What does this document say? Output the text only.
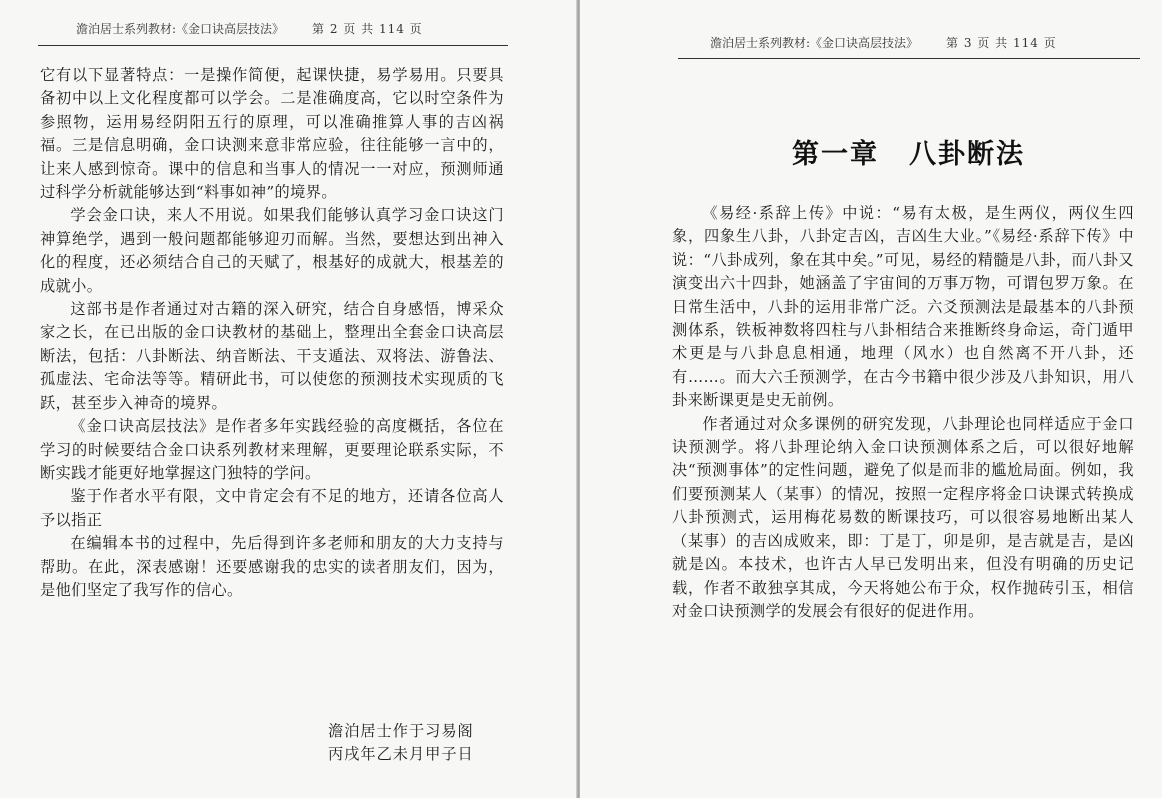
澹泊居士系列教材:《金口诀高层技法》 第 2 页 共 114 页

它有以下显著特点：一是操作简便，起课快捷，易学易用。只要具备初中以上文化程度都可以学会。二是准确度高，它以时空条件为参照物，运用易经阴阳五行的原理，可以准确推算人事的吉凶祸福。三是信息明确，金口诀测来意非常应验，往往能够一言中的，让来人感到惊奇。课中的信息和当事人的情况一一对应，预测师通过科学分析就能够达到“料事如神”的境界。

学会金口诀，来人不用说。如果我们能够认真学习金口诀这门神算绝学，遇到一般问题都能够迎刃而解。当然，要想达到出神入化的程度，还必须结合自己的天赋了，根基好的成就大，根基差的成就小。

这部书是作者通过对古籍的深入研究，结合自身感悟，博采众家之长，在已出版的金口诀教材的基础上，整理出全套金口诀高层断法，包括：八卦断法、纳音断法、干支遁法、双将法、游鲁法、孤虚法、宅命法等等。精研此书，可以使您的预测技术实现质的飞跃，甚至步入神奇的境界。

《金口诀高层技法》是作者多年实践经验的高度概括，各位在学习的时候要结合金口诀系列教材来理解，更要理论联系实际，不断实践才能更好地掌握这门独特的学问。

鉴于作者水平有限，文中肯定会有不足的地方，还请各位高人予以指正

在编辑本书的过程中，先后得到许多老师和朋友的大力支持与帮助。在此，深表感谢！还要感谢我的忠实的读者朋友们，因为，是他们坚定了我写作的信心。

澹泊居士作于习易阁
丙戌年乙未月甲子日
澹泊居士系列教材:《金口诀高层技法》 第 3 页 共 114 页
第一章 八卦断法

《易经·系辞上传》中说：“易有太极，是生两仪，两仪生四象，四象生八卦，八卦定吉凶，吉凶生大业。”《易经·系辞下传》中说：“八卦成列，象在其中矣。”可见，易经的精髓是八卦，而八卦又演变出六十四卦，她涵盖了宇宙间的万事万物，可谓包罗万象。在日常生活中，八卦的运用非常广泛。六爻预测法是最基本的八卦预测体系，铁板神数将四柱与八卦相结合来推断终身命运，奇门遁甲术更是与八卦息息相通，地理（风水）也自然离不开八卦，还有……。而大六壬预测学，在古今书籍中很少涉及八卦知识，用八卦来断课更是史无前例。

作者通过对众多课例的研究发现，八卦理论也同样适应于金口诀预测学。将八卦理论纳入金口诀预测体系之后，可以很好地解决“预测事体”的定性问题，避免了似是而非的尴尬局面。例如，我们要预测某人（某事）的情况，按照一定程序将金口诀课式转换成八卦预测式，运用梅花易数的断课技巧，可以很容易地断出某人（某事）的吉凶成败来，即：丁是丁，卯是卯，是吉就是吉，是凶就是凶。本技术，也许古人早已发明出来，但没有明确的历史记载，作者不敢独享其成，今天将她公布于众，权作抛砖引玉，相信对金口诀预测学的发展会有很好的促进作用。
